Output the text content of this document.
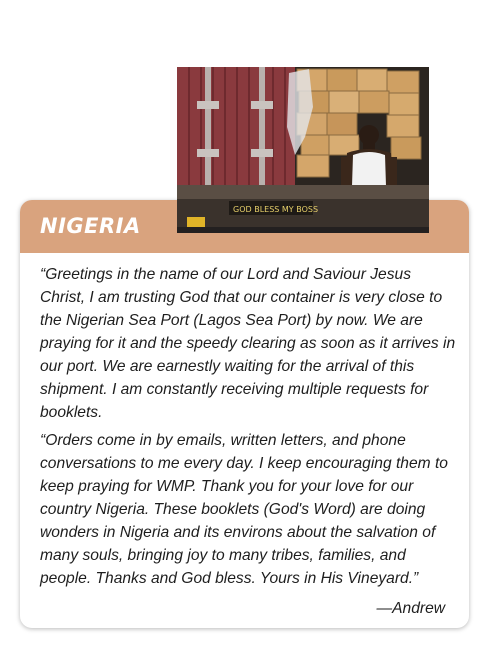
NIGERIA

“Greetings in the name of our Lord and Saviour Jesus Christ, I am trusting God that our container is very close to the Nigerian Sea Port (Lagos Sea Port) by now. We are praying for it and the speedy clearing as soon as it arrives in our port. We are earnestly waiting for the arrival of this shipment. I am constantly receiving multiple requests for booklets.

“Orders come in by emails, written letters, and phone conversations to me every day. I keep encouraging them to keep praying for WMP. Thank you for your love for our country Nigeria. These booklets (God's Word) are doing wonders in Nigeria and its environs about the salvation of many souls, bringing joy to many tribes, families, and people. Thanks and God bless. Yours in His Vineyard.”

—Andrew
GOD BLESS MY BOSS
